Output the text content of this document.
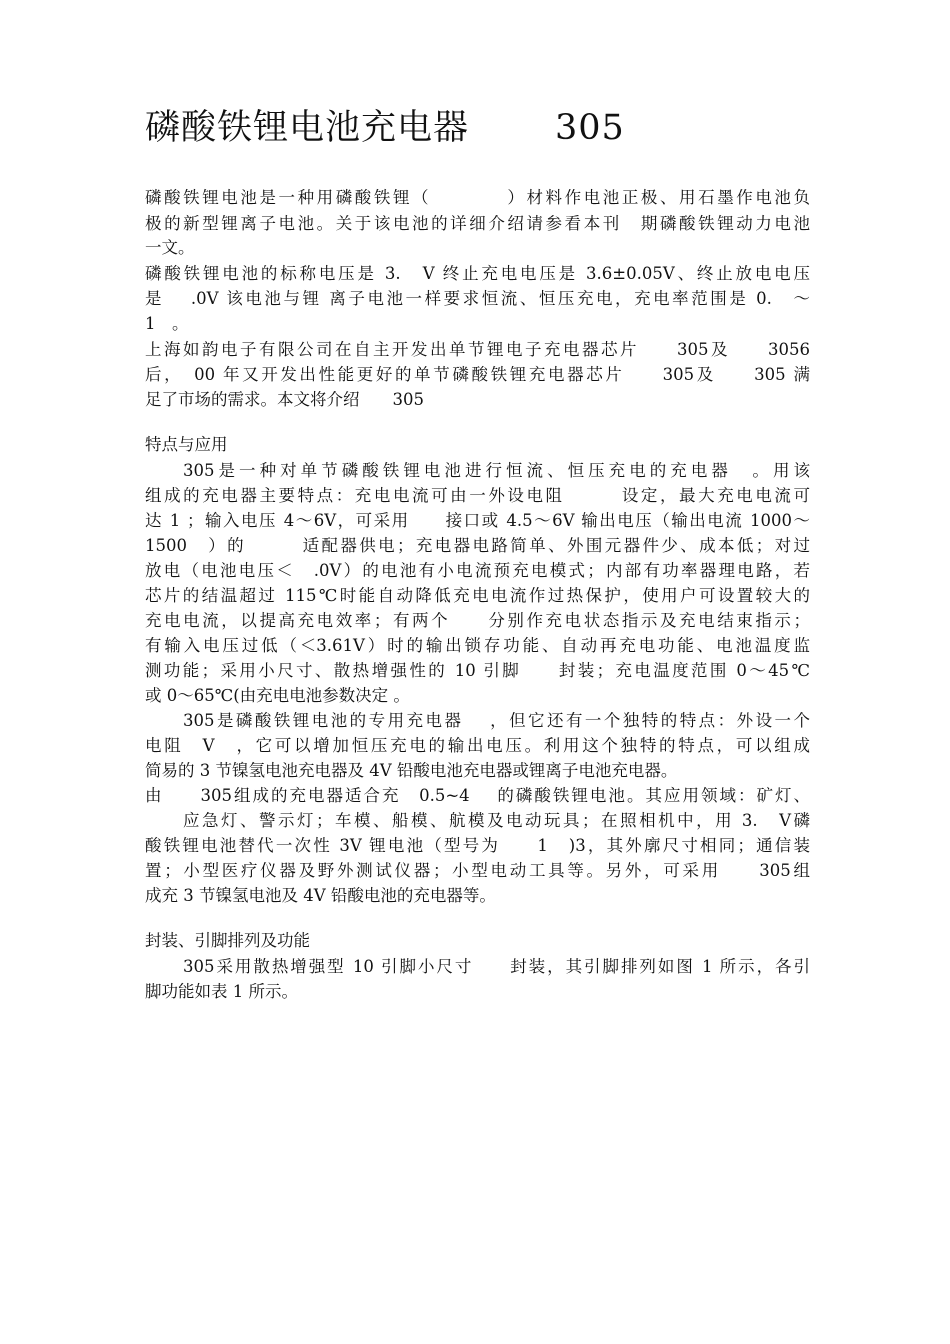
磷酸铁锂电池充电器 305

磷酸铁锂电池是一种用磷酸铁锂（　　　　）材料作电池正极、用石墨作电池负

极的新型锂离子电池。关于该电池的详细介绍请参看本刊　期磷酸铁锂动力电池

一文。

磷酸铁锂电池的标称电压是 3.　V 终止充电电压是 3.6±0.05V、终止放电电压

是　 .0V 该电池与锂 离子电池一样要求恒流、恒压充电，充电率范围是 0.　～

1　。

上海如韵电子有限公司在自主开发出单节锂电子充电器芯片　　305及　　3056

后，　00 年又开发出性能更好的单节磷酸铁锂充电器芯片　　305及　　305 满

足了市场的需求。本文将介绍　　305

特点与应用

305是一种对单节磷酸铁锂电池进行恒流、恒压充电的充电器　。用该

组成的充电器主要特点：充电电流可由一外设电阻　　　设定，最大充电电流可

达 1 ；输入电压 4～6V，可采用　　接口或 4.5～6V 输出电压（输出电流 1000～

1500　）的　　　适配器供电；充电器电路简单、外围元器件少、成本低；对过

放电（电池电压＜　.0V）的电池有小电流预充电模式；内部有功率器理电路，若

芯片的结温超过 115℃时能自动降低充电电流作过热保护，使用户可设置较大的

充电电流，以提高充电效率；有两个　　分别作充电状态指示及充电结束指示；

有输入电压过低（＜3.61V）时的输出锁存功能、自动再充电功能、电池温度监

测功能；采用小尺寸、散热增强性的 10 引脚　　封装；充电温度范围 0～45℃

或 0～65℃(由充电电池参数决定 。

305是磷酸铁锂电池的专用充电器　 ，但它还有一个独特的特点：外设一个

电阻　V　，它可以增加恒压充电的输出电压。利用这个独特的特点，可以组成

简易的 3 节镍氢电池充电器及 4V 铅酸电池充电器或锂离子电池充电器。

由　　305组成的充电器适合充　0.5~4　 的磷酸铁锂电池。其应用领域：矿灯、

应急灯、警示灯；车模、船模、航模及电动玩具；在照相机中，用 3.　V磷

酸铁锂电池替代一次性 3V 锂电池（型号为　　1　)3，其外廓尺寸相同；通信装

置；小型医疗仪器及野外测试仪器；小型电动工具等。另外，可采用　　305组

成充 3 节镍氢电池及 4V 铅酸电池的充电器等。

封装、引脚排列及功能

305采用散热增强型 10 引脚小尺寸　　封装，其引脚排列如图 1 所示，各引

脚功能如表 1 所示。
